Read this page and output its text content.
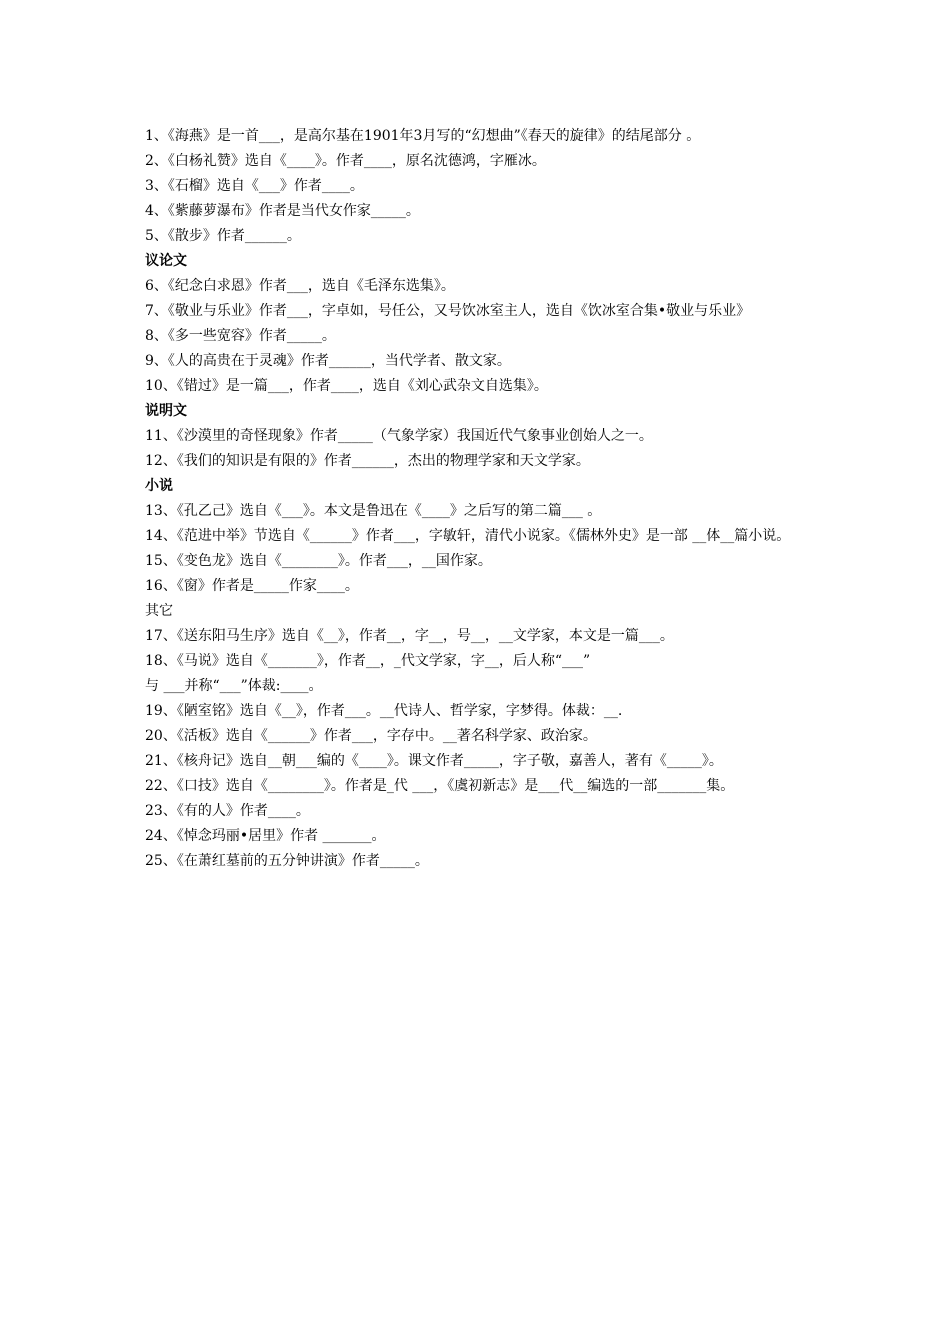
1、《海燕》是一首___，是高尔基在1901年3月写的“幻想曲”《春天的旋律》的结尾部分 。
2、《白杨礼赞》选自《____》。作者____，原名沈德鸿，字雁冰。
3、《石榴》选自《___》作者____。
4、《紫藤萝瀑布》作者是当代女作家_____。
5、《散步》作者______。
议论文
6、《纪念白求恩》作者___，选自《毛泽东选集》。
7、《敬业与乐业》作者___，字卓如，号任公，又号饮冰室主人，选自《饮冰室合集•敬业与乐业》
8、《多一些宽容》作者_____。
9、《人的高贵在于灵魂》作者______，当代学者、散文家。
10、《错过》是一篇___，作者____，选自《刘心武杂文自选集》。
说明文
11、《沙漠里的奇怪现象》作者_____（气象学家）我国近代气象事业创始人之一。
12、《我们的知识是有限的》作者______，杰出的物理学家和天文学家。
小说
13、《孔乙己》选自《___》。本文是鲁迅在《____》之后写的第二篇___ 。
14、《范进中举》节选自《______》作者___，字敏轩，清代小说家。《儒林外史》是一部 __体__篇小说。
15、《变色龙》选自《________》。作者___，__国作家。
16、《窗》作者是_____作家____。
其它
17、《送东阳马生序》选自《__》，作者__，字__，号__，__文学家，本文是一篇___。
18、《马说》选自《_______》，作者__，_代文学家，字__，后人称“___”
与 ___并称“___”体裁:____。
19、《陋室铭》选自《__》，作者___。__代诗人、哲学家，字梦得。体裁：__.
20、《活板》选自《______》作者___，字存中。__著名科学家、政治家。
21、《核舟记》选自__朝___编的《____》。课文作者_____，字子敬，嘉善人，著有《_____》。
22、《口技》选自《________》。作者是_代 ___，《虞初新志》是___代__编选的一部_______集。
23、《有的人》作者____。
24、《悼念玛丽•居里》作者 _______。
25、《在萧红墓前的五分钟讲演》作者_____。
